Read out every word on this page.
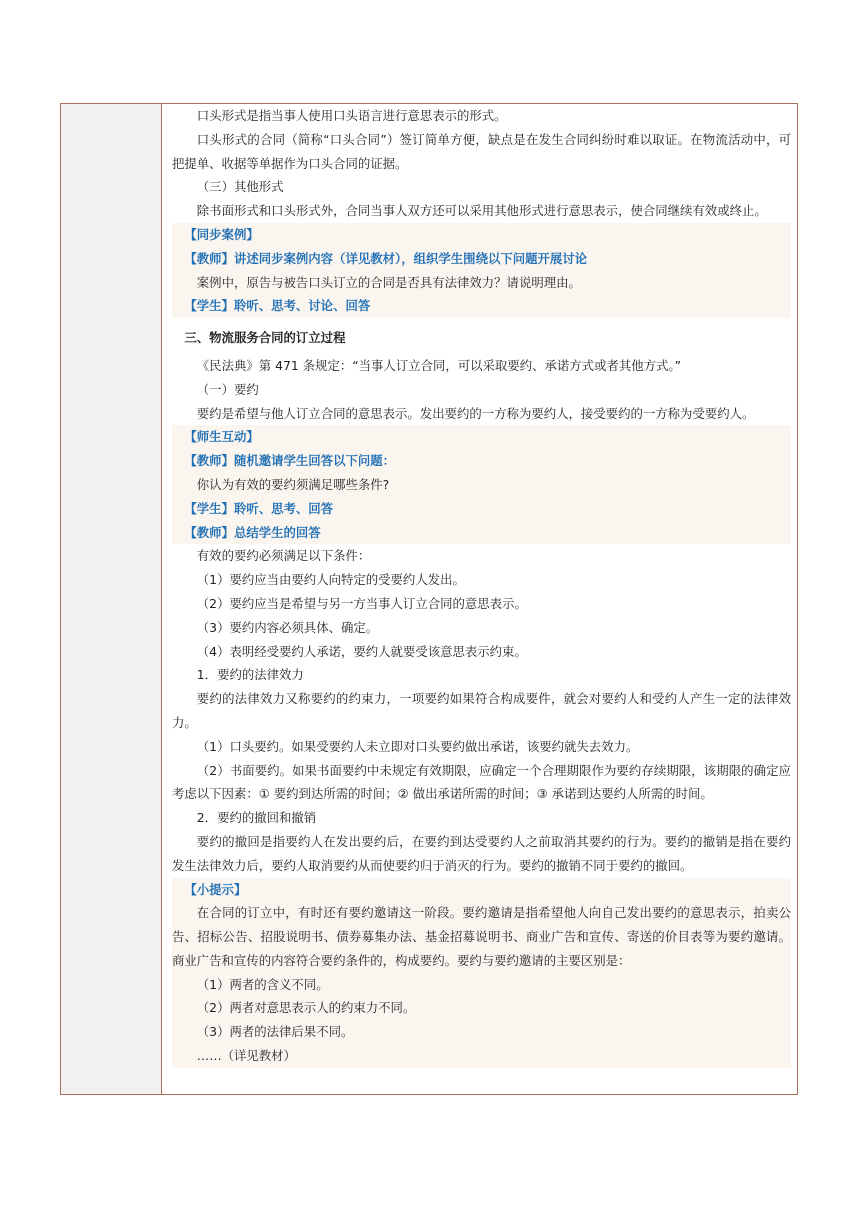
口头形式是指当事人使用口头语言进行意思表示的形式。

口头形式的合同（简称“口头合同”）签订简单方便，缺点是在发生合同纠纷时难以取证。在物流活动中，可把提单、收据等单据作为口头合同的证据。

（三）其他形式

除书面形式和口头形式外，合同当事人双方还可以采用其他形式进行意思表示，使合同继续有效或终止。

【同步案例】

【教师】讲述同步案例内容（详见教材），组织学生围绕以下问题开展讨论

案例中，原告与被告口头订立的合同是否具有法律效力？请说明理由。

【学生】聆听、思考、讨论、回答

三、物流服务合同的订立过程

《民法典》第 471 条规定：“当事人订立合同，可以采取要约、承诺方式或者其他方式。”

（一）要约

要约是希望与他人订立合同的意思表示。发出要约的一方称为要约人，接受要约的一方称为受要约人。

【师生互动】

【教师】随机邀请学生回答以下问题：

你认为有效的要约须满足哪些条件?

【学生】聆听、思考、回答

【教师】总结学生的回答

有效的要约必须满足以下条件：

（1）要约应当由要约人向特定的受要约人发出。

（2）要约应当是希望与另一方当事人订立合同的意思表示。

（3）要约内容必须具体、确定。

（4）表明经受要约人承诺，要约人就要受该意思表示约束。

1．要约的法律效力

要约的法律效力又称要约的约束力，一项要约如果符合构成要件，就会对要约人和受约人产生一定的法律效力。

（1）口头要约。如果受要约人未立即对口头要约做出承诺，该要约就失去效力。

（2）书面要约。如果书面要约中未规定有效期限，应确定一个合理期限作为要约存续期限，该期限的确定应考虑以下因素：① 要约到达所需的时间；② 做出承诺所需的时间；③ 承诺到达要约人所需的时间。

2．要约的撤回和撤销

要约的撤回是指要约人在发出要约后，在要约到达受要约人之前取消其要约的行为。要约的撤销是指在要约发生法律效力后，要约人取消要约从而使要约归于消灭的行为。要约的撤销不同于要约的撤回。

【小提示】

在合同的订立中，有时还有要约邀请这一阶段。要约邀请是指希望他人向自己发出要约的意思表示，拍卖公告、招标公告、招股说明书、债券募集办法、基金招募说明书、商业广告和宣传、寄送的价目表等为要约邀请。商业广告和宣传的内容符合要约条件的，构成要约。要约与要约邀请的主要区别是：

（1）两者的含义不同。

（2）两者对意思表示人的约束力不同。

（3）两者的法律后果不同。

……（详见教材）
